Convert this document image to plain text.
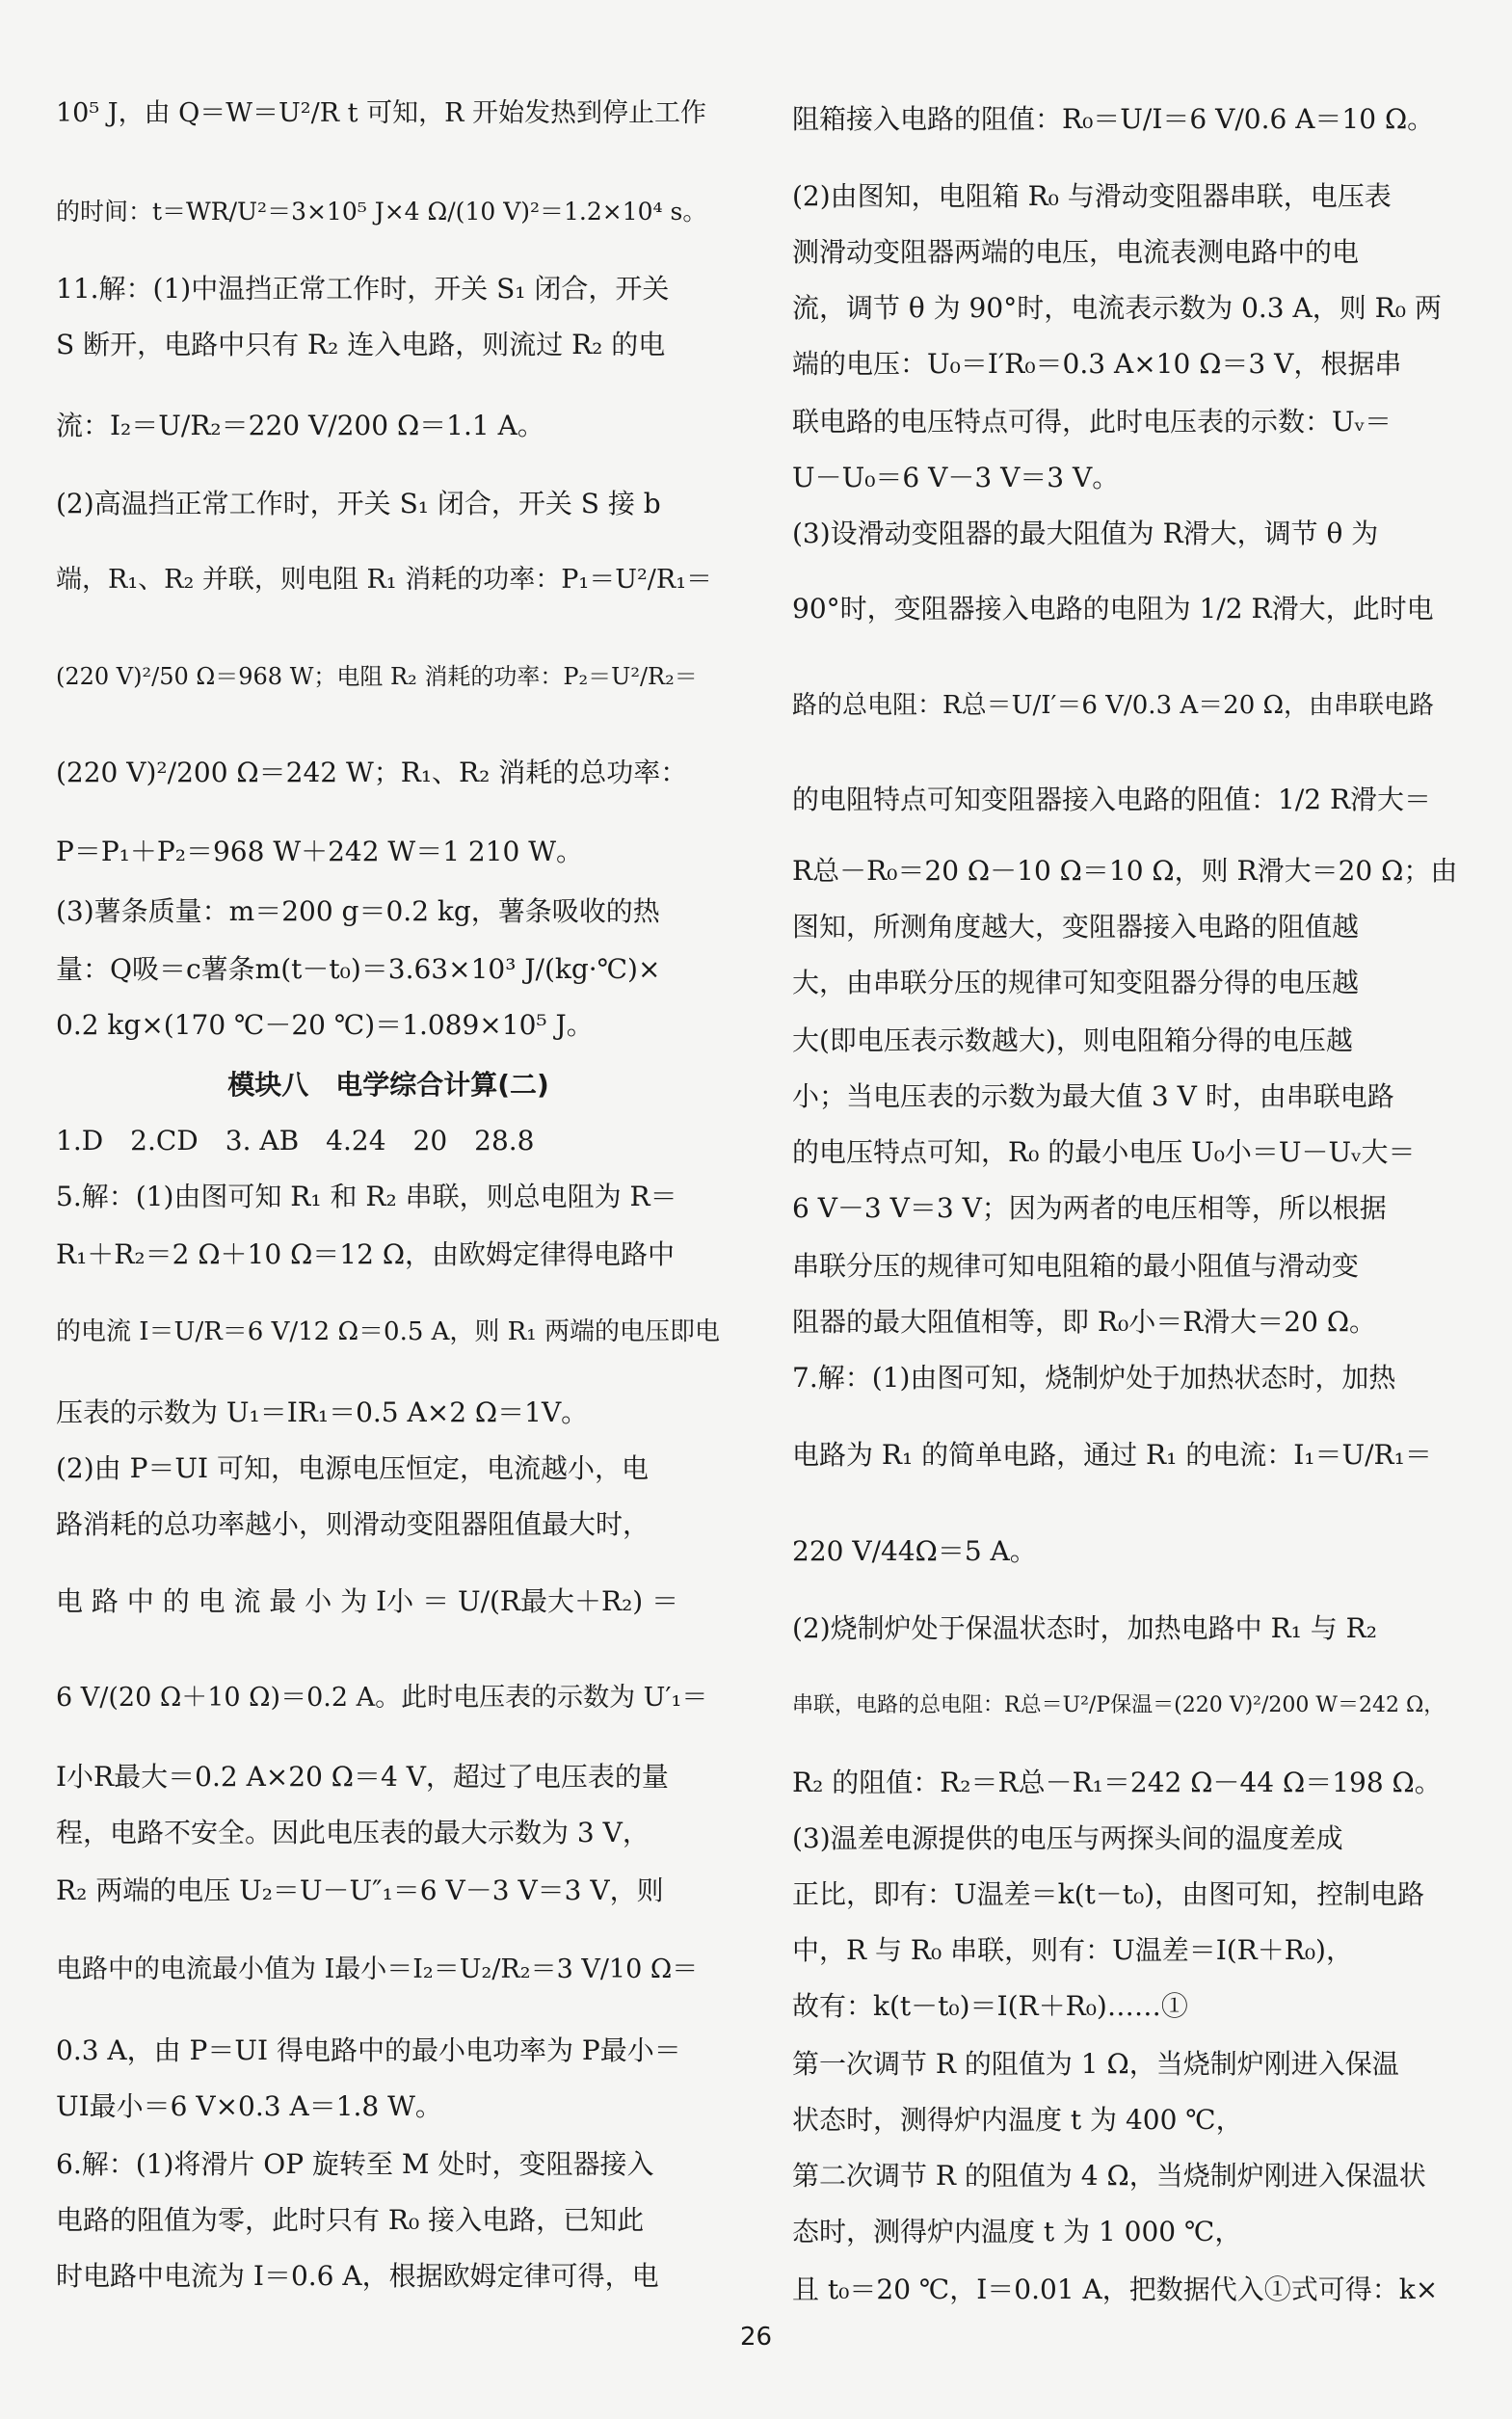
10⁵ J，由 Q＝W＝U²/R t 可知，R 开始发热到停止工作
的时间：t＝WR/U²＝3×10⁵ J×4 Ω/(10 V)²＝1.2×10⁴ s。
11.解：(1)中温挡正常工作时，开关 S₁ 闭合，开关
S 断开，电路中只有 R₂ 连入电路，则流过 R₂ 的电
流：I₂＝U/R₂＝220 V/200 Ω＝1.1 A。
(2)高温挡正常工作时，开关 S₁ 闭合，开关 S 接 b
端，R₁、R₂ 并联，则电阻 R₁ 消耗的功率：P₁＝U²/R₁＝
(220 V)²/50 Ω＝968 W；电阻 R₂ 消耗的功率：P₂＝U²/R₂＝
(220 V)²/200 Ω＝242 W；R₁、R₂ 消耗的总功率：
P＝P₁＋P₂＝968 W＋242 W＝1 210 W。
(3)薯条质量：m＝200 g＝0.2 kg，薯条吸收的热
量：Q吸＝c薯条m(t－t₀)＝3.63×10³ J/(kg·℃)×
0.2 kg×(170 ℃－20 ℃)＝1.089×10⁵ J。
模块八　电学综合计算(二)
1.D　2.CD　3. AB　4.24　20　28.8
5.解：(1)由图可知 R₁ 和 R₂ 串联，则总电阻为 R＝
R₁＋R₂＝2 Ω＋10 Ω＝12 Ω，由欧姆定律得电路中
的电流 I＝U/R＝6 V/12 Ω＝0.5 A，则 R₁ 两端的电压即电
压表的示数为 U₁＝IR₁＝0.5 A×2 Ω＝1V。
(2)由 P＝UI 可知，电源电压恒定，电流越小，电
路消耗的总功率越小，则滑动变阻器阻值最大时，
电 路 中 的 电 流 最 小 为 I小 ＝ U/(R最大＋R₂) ＝
6 V/(20 Ω＋10 Ω)＝0.2 A。此时电压表的示数为 U′₁＝
I小R最大＝0.2 A×20 Ω＝4 V，超过了电压表的量
程，电路不安全。因此电压表的最大示数为 3 V，
R₂ 两端的电压 U₂＝U－U″₁＝6 V－3 V＝3 V，则
电路中的电流最小值为 I最小＝I₂＝U₂/R₂＝3 V/10 Ω＝
0.3 A，由 P＝UI 得电路中的最小电功率为 P最小＝
UI最小＝6 V×0.3 A＝1.8 W。
6.解：(1)将滑片 OP 旋转至 M 处时，变阻器接入
电路的阻值为零，此时只有 R₀ 接入电路，已知此
时电路中电流为 I＝0.6 A，根据欧姆定律可得，电
阻箱接入电路的阻值：R₀＝U/I＝6 V/0.6 A＝10 Ω。
(2)由图知，电阻箱 R₀ 与滑动变阻器串联，电压表
测滑动变阻器两端的电压，电流表测电路中的电
流，调节 θ 为 90°时，电流表示数为 0.3 A，则 R₀ 两
端的电压：U₀＝I′R₀＝0.3 A×10 Ω＝3 V，根据串
联电路的电压特点可得，此时电压表的示数：Uᵥ＝
U－U₀＝6 V－3 V＝3 V。
(3)设滑动变阻器的最大阻值为 R滑大，调节 θ 为
90°时，变阻器接入电路的电阻为 1/2 R滑大，此时电
路的总电阻：R总＝U/I′＝6 V/0.3 A＝20 Ω，由串联电路
的电阻特点可知变阻器接入电路的阻值：1/2 R滑大＝
R总－R₀＝20 Ω－10 Ω＝10 Ω，则 R滑大＝20 Ω；由
图知，所测角度越大，变阻器接入电路的阻值越
大，由串联分压的规律可知变阻器分得的电压越
大(即电压表示数越大)，则电阻箱分得的电压越
小；当电压表的示数为最大值 3 V 时，由串联电路
的电压特点可知，R₀ 的最小电压 U₀小＝U－Uᵥ大＝
6 V－3 V＝3 V；因为两者的电压相等，所以根据
串联分压的规律可知电阻箱的最小阻值与滑动变
阻器的最大阻值相等，即 R₀小＝R滑大＝20 Ω。
7.解：(1)由图可知，烧制炉处于加热状态时，加热
电路为 R₁ 的简单电路，通过 R₁ 的电流：I₁＝U/R₁＝
220 V/44Ω＝5 A。
(2)烧制炉处于保温状态时，加热电路中 R₁ 与 R₂
串联，电路的总电阻：R总＝U²/P保温＝(220 V)²/200 W＝242 Ω，
R₂ 的阻值：R₂＝R总－R₁＝242 Ω－44 Ω＝198 Ω。
(3)温差电源提供的电压与两探头间的温度差成
正比，即有：U温差＝k(t－t₀)，由图可知，控制电路
中，R 与 R₀ 串联，则有：U温差＝I(R＋R₀)，
故有：k(t－t₀)＝I(R＋R₀)……①
第一次调节 R 的阻值为 1 Ω，当烧制炉刚进入保温
状态时，测得炉内温度 t 为 400 ℃，
第二次调节 R 的阻值为 4 Ω，当烧制炉刚进入保温状
态时，测得炉内温度 t 为 1 000 ℃，
且 t₀＝20 ℃，I＝0.01 A，把数据代入①式可得：k×
26
